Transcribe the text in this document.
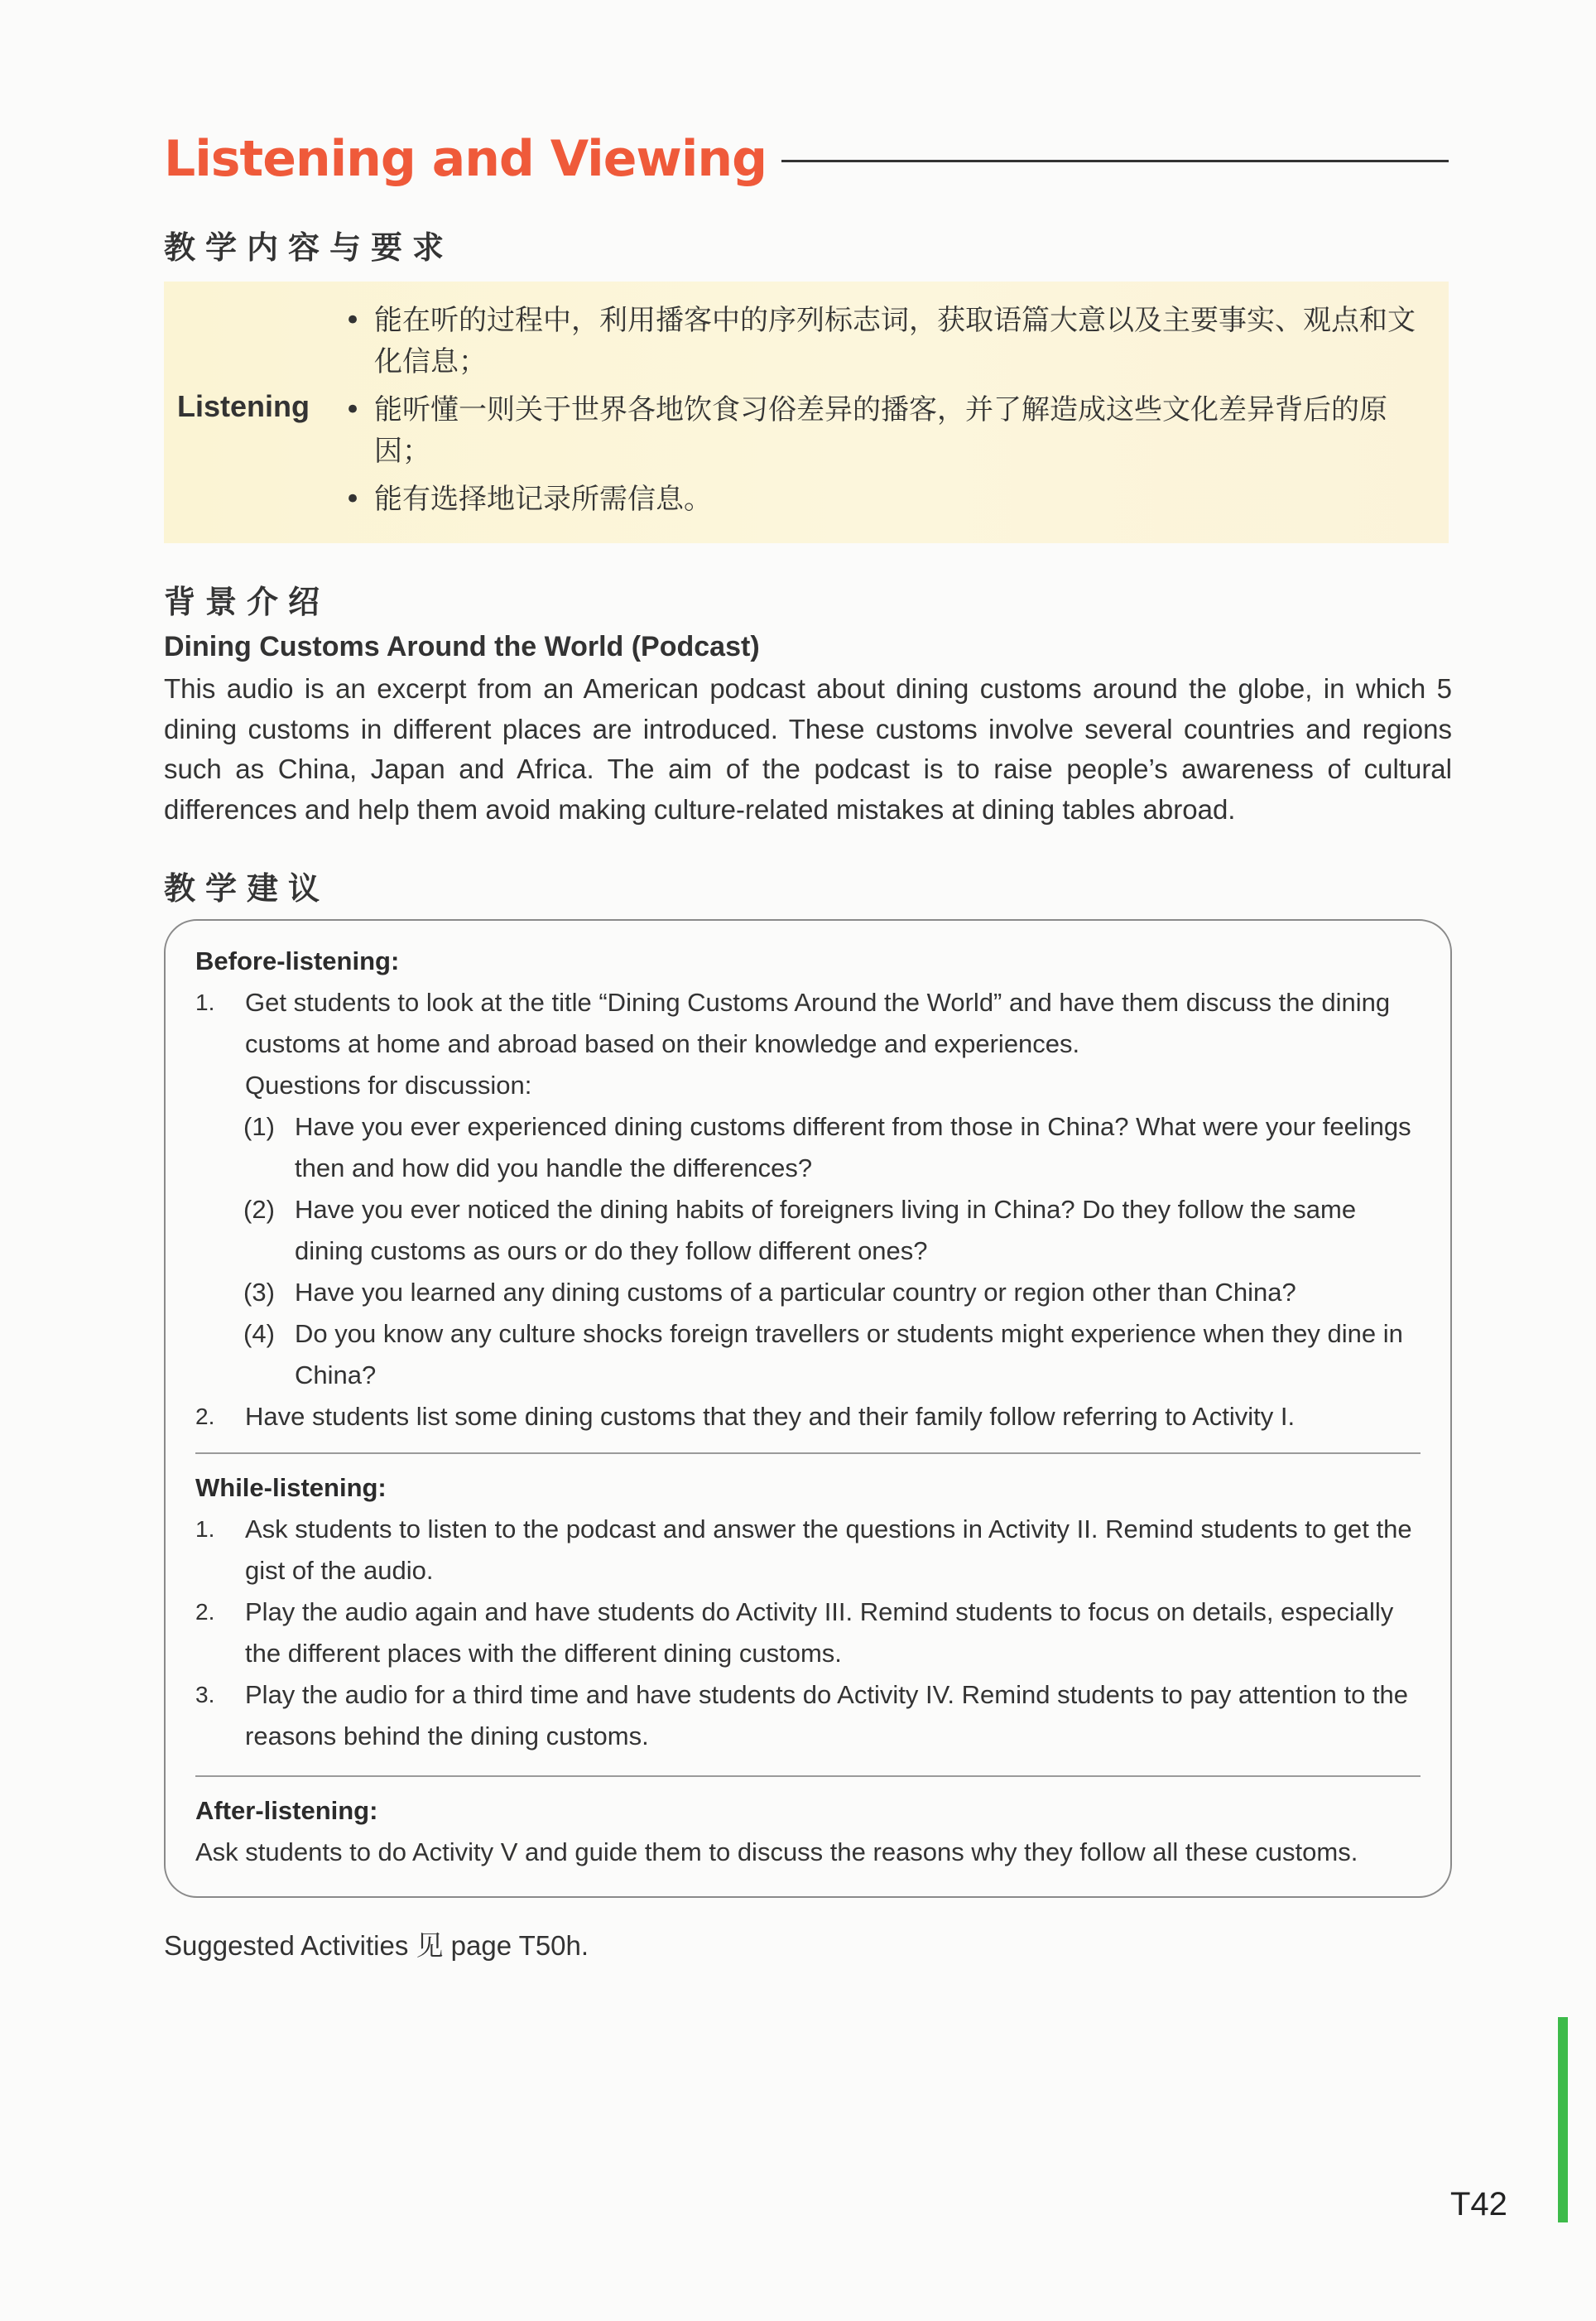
Listening and Viewing
教学内容与要求
Listening
• 能在听的过程中，利用播客中的序列标志词，获取语篇大意以及主要事实、观点和文化信息；
• 能听懂一则关于世界各地饮食习俗差异的播客，并了解造成这些文化差异背后的原因；
• 能有选择地记录所需信息。
背景介绍
Dining Customs Around the World (Podcast)
This audio is an excerpt from an American podcast about dining customs around the globe, in which 5 dining customs in different places are introduced. These customs involve several countries and regions such as China, Japan and Africa. The aim of the podcast is to raise people’s awareness of cultural differences and help them avoid making culture-related mistakes at dining tables abroad.
教学建议
Before-listening:
1. Get students to look at the title “Dining Customs Around the World” and have them discuss the dining customs at home and abroad based on their knowledge and experiences.
Questions for discussion:
(1) Have you ever experienced dining customs different from those in China? What were your feelings then and how did you handle the differences?
(2) Have you ever noticed the dining habits of foreigners living in China? Do they follow the same dining customs as ours or do they follow different ones?
(3) Have you learned any dining customs of a particular country or region other than China?
(4) Do you know any culture shocks foreign travellers or students might experience when they dine in China?
2. Have students list some dining customs that they and their family follow referring to Activity I.
While-listening:
1. Ask students to listen to the podcast and answer the questions in Activity II. Remind students to get the gist of the audio.
2. Play the audio again and have students do Activity III. Remind students to focus on details, especially the different places with the different dining customs.
3. Play the audio for a third time and have students do Activity IV. Remind students to pay attention to the reasons behind the dining customs.
After-listening:
Ask students to do Activity V and guide them to discuss the reasons why they follow all these customs.
Suggested Activities 见 page T50h.
T42
